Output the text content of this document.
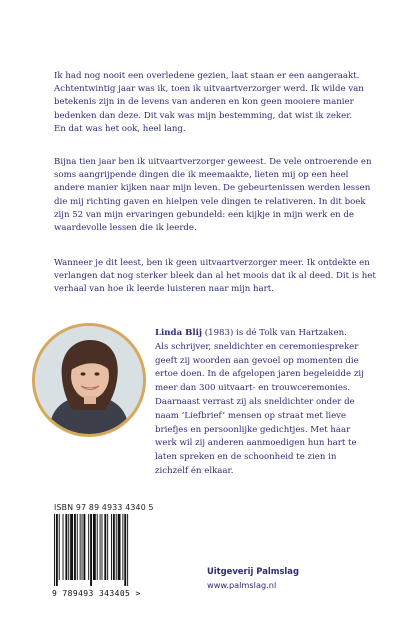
Ik had nog nooit een overledene gezien, laat staan er een aangeraakt.
Achtentwintig jaar was ik, toen ik uitvaartverzorger werd. Ik wilde van
betekenis zijn in de levens van anderen en kon geen mooiere manier
bedenken dan deze. Dit vak was mijn bestemming, dat wist ik zeker.
En dat was het ook, heel lang.
Bijna tien jaar ben ik uitvaartverzorger geweest. De vele ontroerende en
soms aangrijpende dingen die ik meemaakte, lieten mij op een heel
andere manier kijken naar mijn leven. De gebeurtenissen werden lessen
die mij richting gaven en hielpen vele dingen te relativeren. In dit boek
zijn 52 van mijn ervaringen gebundeld: een kijkje in mijn werk en de
waardevolle lessen die ik leerde.
Wanneer je dit leest, ben ik geen uitvaartverzorger meer. Ik ontdekte en
verlangen dat nog sterker bleek dan al het moois dat ik al deed. Dit is het
verhaal van hoe ik leerde luisteren naar mijn hart.
Linda Blij (1983) is dé Tolk van Hartzaken.
Als schrijver, sneldichter en ceremoniespreker
geeft zij woorden aan gevoel op momenten die
ertoe doen. In de afgelopen jaren begeleidde zij
meer dan 300 uitvaart- en trouwceremonies.
Daarnaast verrast zij als sneldichter onder de
naam ‘Liefbrief’ mensen op straat met lieve
briefjes en persoonlijke gedichtjes. Met haar
werk wil zij anderen aanmoedigen hun hart te
laten spreken en de schoonheid te zien in
zichzelf én elkaar.
ISBN 97 89 4933 4340 5
9 789493 343405 >
Uitgeverij Palmslag
www.palmslag.nl
